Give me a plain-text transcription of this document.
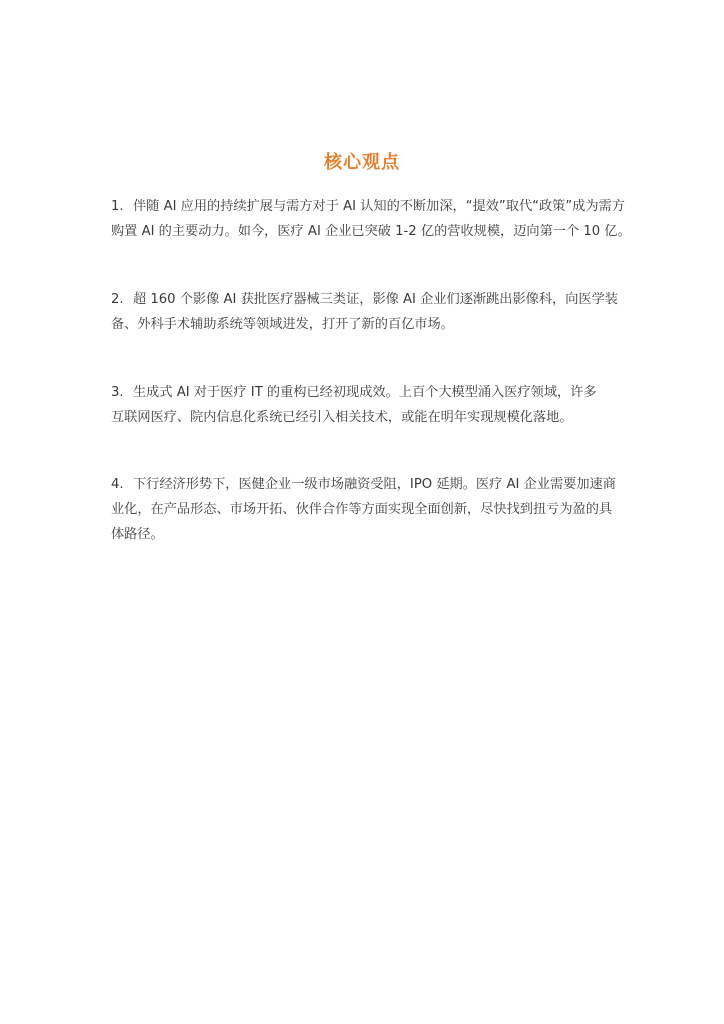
核心观点
1. 伴随 AI 应用的持续扩展与需方对于 AI 认知的不断加深，“提效”取代“政策”成为需方
购置 AI 的主要动力。如今，医疗 AI 企业已突破 1-2 亿的营收规模，迈向第一个 10 亿。
2. 超 160 个影像 AI 获批医疗器械三类证，影像 AI 企业们逐渐跳出影像科，向医学装
备、外科手术辅助系统等领域进发，打开了新的百亿市场。
3. 生成式 AI 对于医疗 IT 的重构已经初现成效。上百个大模型涌入医疗领域，许多
互联网医疗、院内信息化系统已经引入相关技术，或能在明年实现规模化落地。
4. 下行经济形势下，医健企业一级市场融资受阻，IPO 延期。医疗 AI 企业需要加速商
业化，在产品形态、市场开拓、伙伴合作等方面实现全面创新，尽快找到扭亏为盈的具
体路径。
